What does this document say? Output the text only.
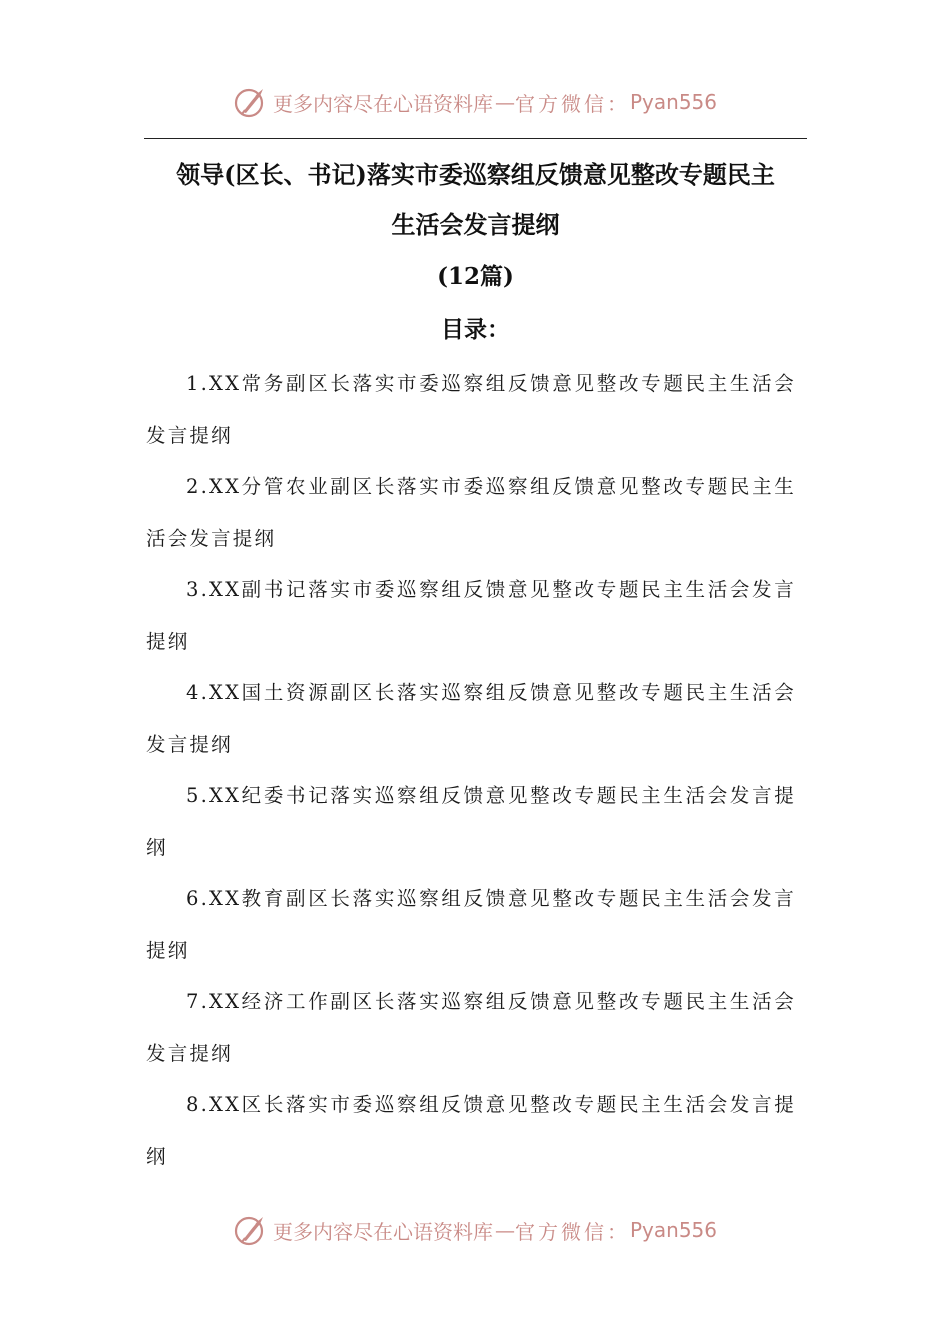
更多内容尽在心语资料库 — 官方微信： Pyan556
领导(区长、书记)落实市委巡察组反馈意见整改专题民主
生活会发言提纲
(12篇)
目录：
1.XX常务副区长落实市委巡察组反馈意见整改专题民主生活会发言提纲
2.XX分管农业副区长落实市委巡察组反馈意见整改专题民主生活会发言提纲
3.XX副书记落实市委巡察组反馈意见整改专题民主生活会发言提纲
4.XX国土资源副区长落实巡察组反馈意见整改专题民主生活会发言提纲
5.XX纪委书记落实巡察组反馈意见整改专题民主生活会发言提纲
6.XX教育副区长落实巡察组反馈意见整改专题民主生活会发言提纲
7.XX经济工作副区长落实巡察组反馈意见整改专题民主生活会发言提纲
8.XX区长落实市委巡察组反馈意见整改专题民主生活会发言提纲
更多内容尽在心语资料库 — 官方微信： Pyan556
